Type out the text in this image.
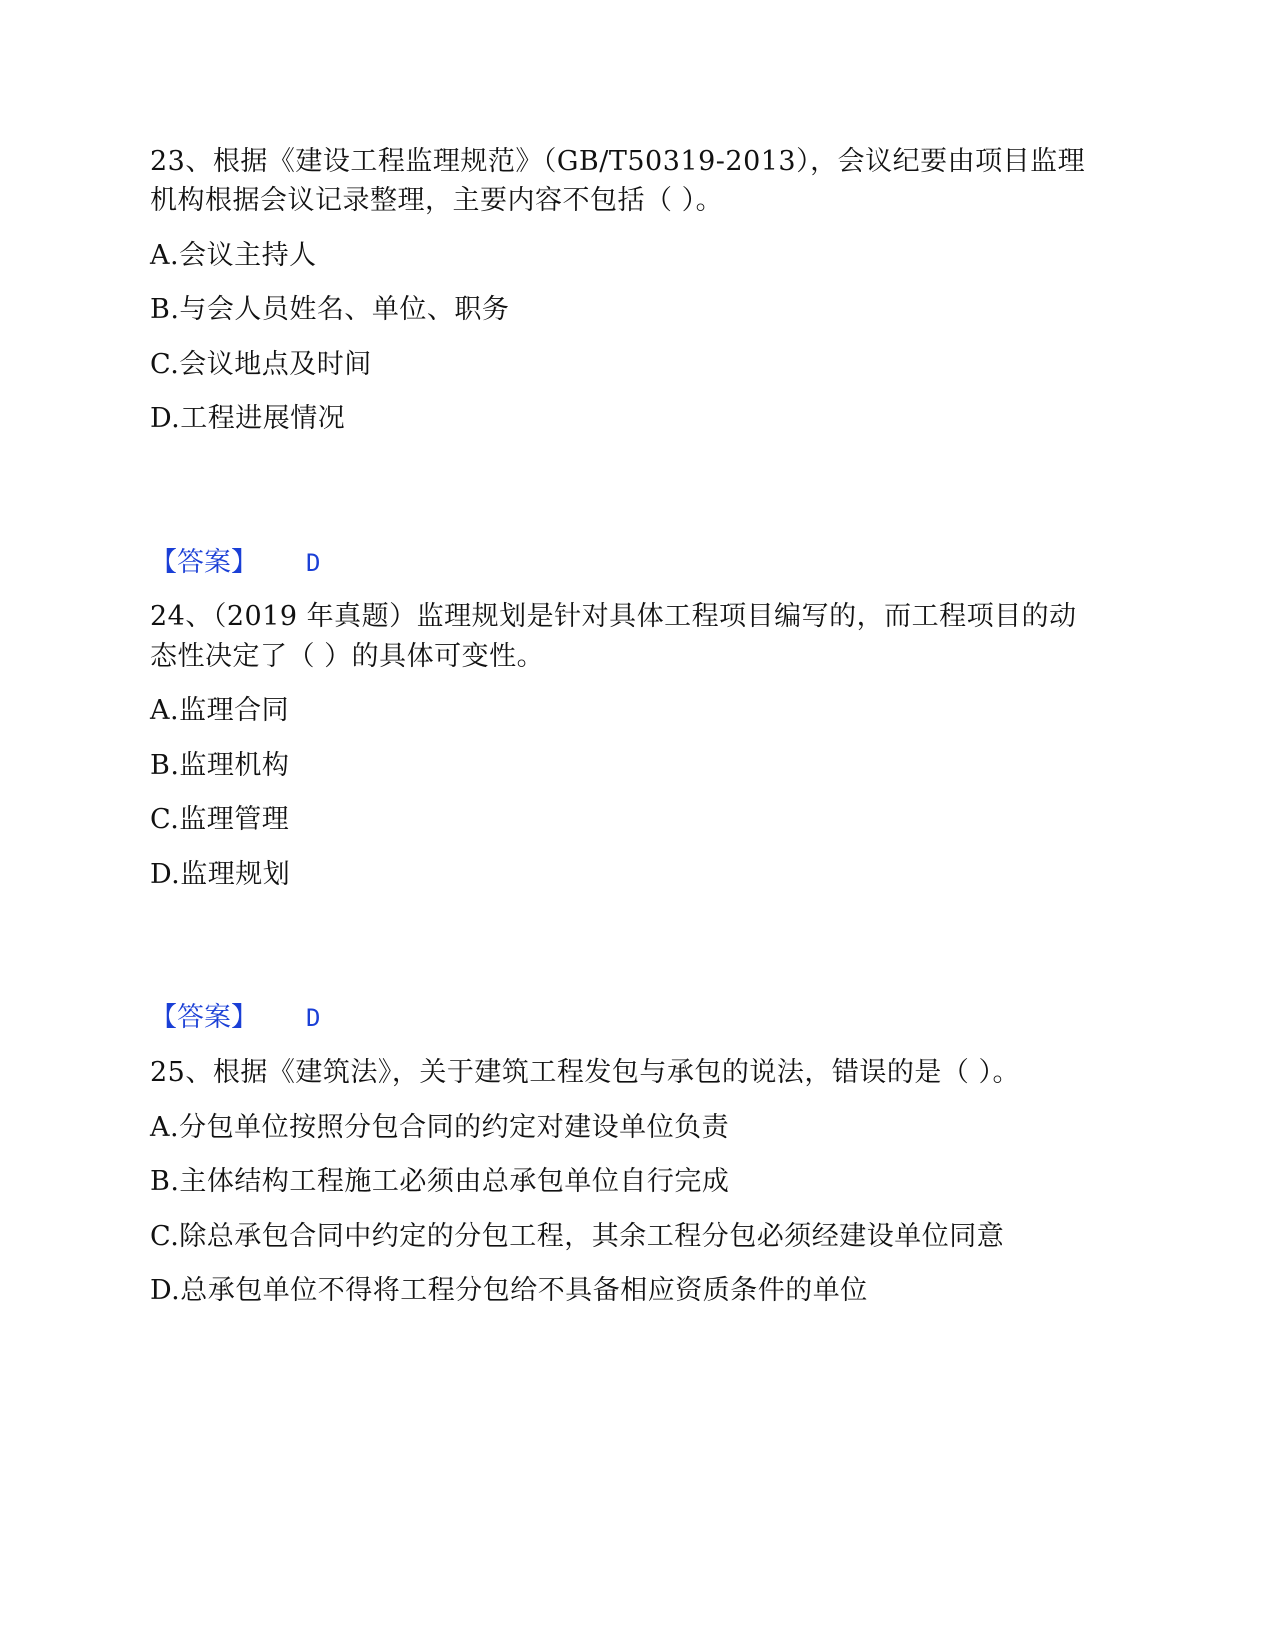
23、根据《建设工程监理规范》（GB/T50319-2013），会议纪要由项目监理
机构根据会议记录整理，主要内容不包括（ ）。
A.会议主持人
B.与会人员姓名、单位、职务
C.会议地点及时间
D.工程进展情况
【答案】 D
24、（2019 年真题）监理规划是针对具体工程项目编写的，而工程项目的动
态性决定了（ ）的具体可变性。
A.监理合同
B.监理机构
C.监理管理
D.监理规划
【答案】 D
25、根据《建筑法》，关于建筑工程发包与承包的说法，错误的是（ ）。
A.分包单位按照分包合同的约定对建设单位负责
B.主体结构工程施工必须由总承包单位自行完成
C.除总承包合同中约定的分包工程，其余工程分包必须经建设单位同意
D.总承包单位不得将工程分包给不具备相应资质条件的单位
